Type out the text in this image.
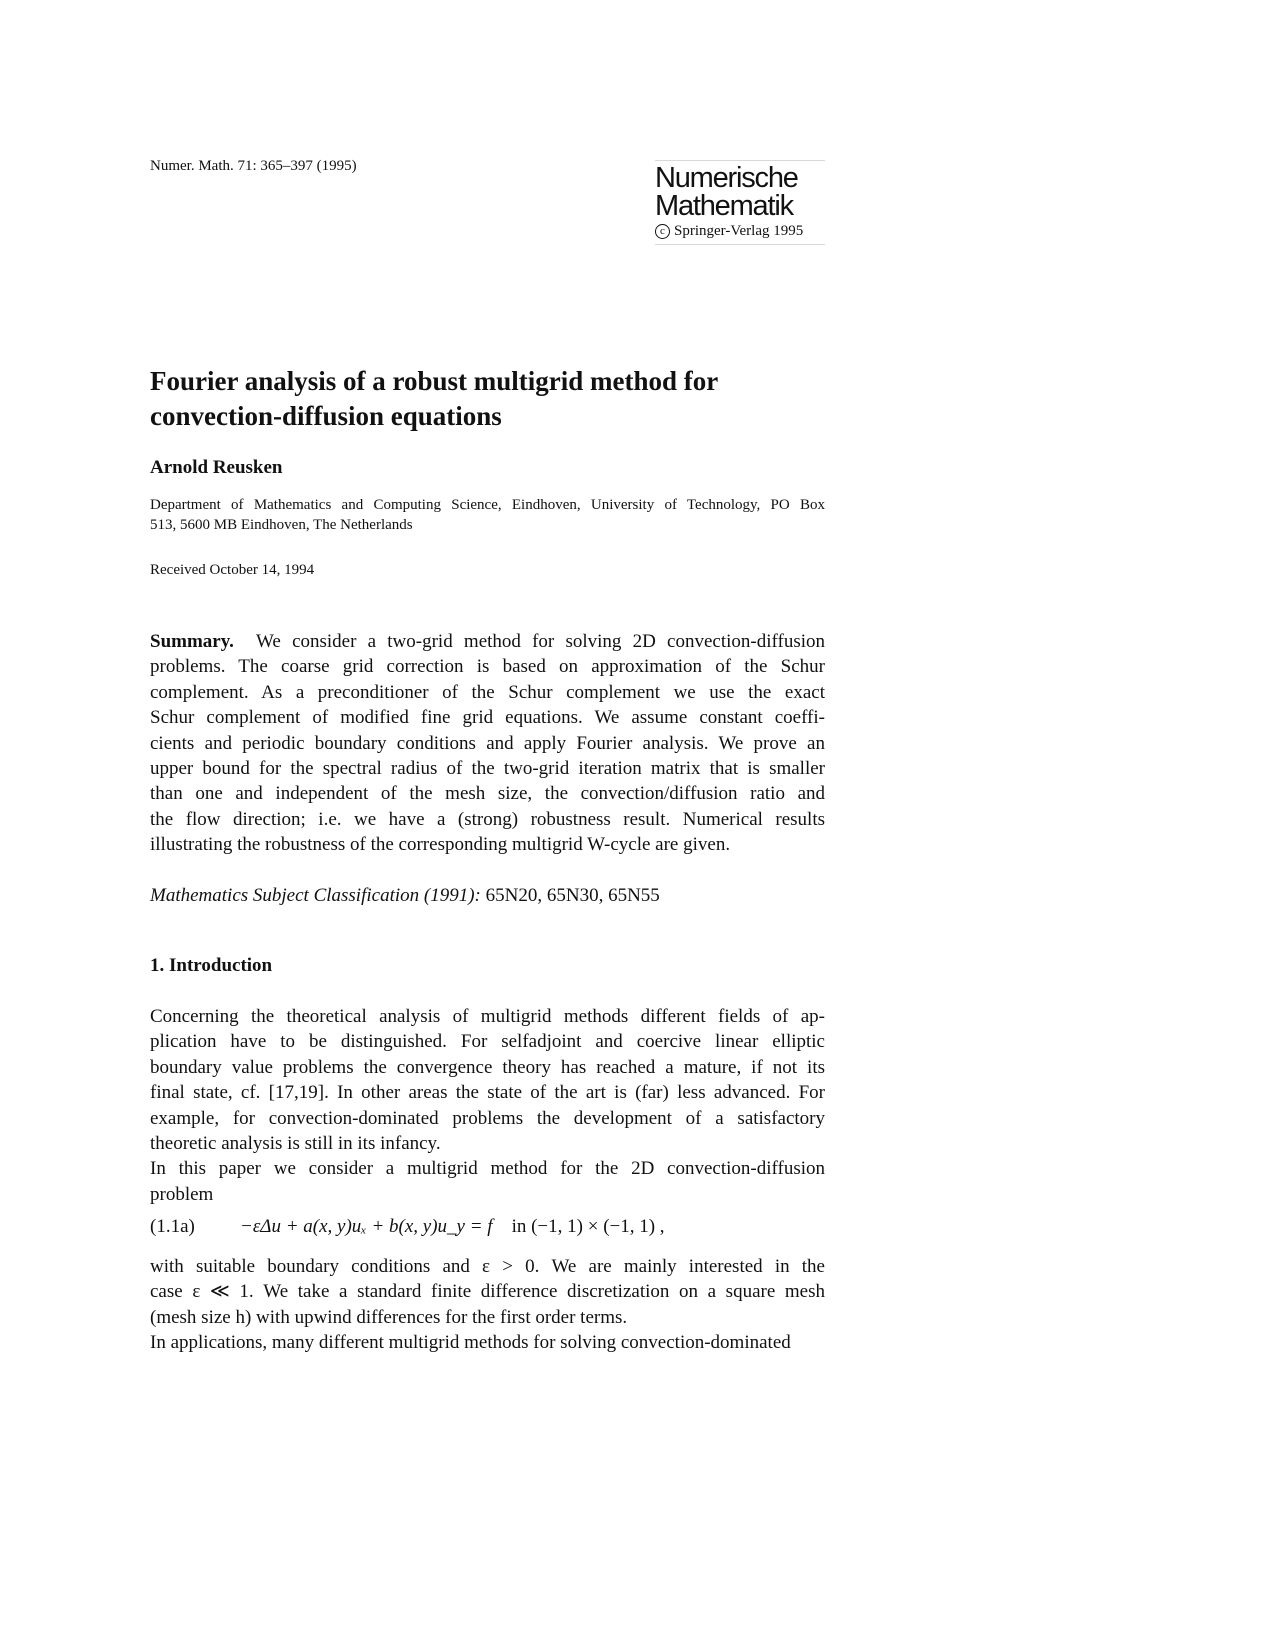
Numer. Math. 71: 365–397 (1995)	Numerische
Mathematik
c Springer-Verlag 1995
Fourier analysis of a robust multigrid method for
convection-diffusion equations
Arnold Reusken
Department of Mathematics and Computing Science, Eindhoven, University of Technology, PO Box
513, 5600 MB Eindhoven, The Netherlands
Received October 14, 1994
Summary. We consider a two-grid method for solving 2D convection-diffusion
problems. The coarse grid correction is based on approximation of the Schur
complement. As a preconditioner of the Schur complement we use the exact
Schur complement of modified fine grid equations. We assume constant coeffi-
cients and periodic boundary conditions and apply Fourier analysis. We prove an
upper bound for the spectral radius of the two-grid iteration matrix that is smaller
than one and independent of the mesh size, the convection/diffusion ratio and
the flow direction; i.e. we have a (strong) robustness result. Numerical results
illustrating the robustness of the corresponding multigrid W-cycle are given.
Mathematics Subject Classification (1991): 65N20, 65N30, 65N55
1. Introduction
Concerning the theoretical analysis of multigrid methods different fields of ap-
plication have to be distinguished. For selfadjoint and coercive linear elliptic
boundary value problems the convergence theory has reached a mature, if not its
final state, cf. [17,19]. In other areas the state of the art is (far) less advanced. For
example, for convection-dominated problems the development of a satisfactory
theoretic analysis is still in its infancy.
In this paper we consider a multigrid method for the 2D convection-diffusion
problem
(1.1a) −εΔu + a(x, y)uₓ + b(x, y)u_y = f in (−1, 1) × (−1, 1) ,
with suitable boundary conditions and ε > 0. We are mainly interested in the
case ε ≪ 1. We take a standard finite difference discretization on a square mesh
(mesh size h) with upwind differences for the first order terms.
In applications, many different multigrid methods for solving convection-dominated
